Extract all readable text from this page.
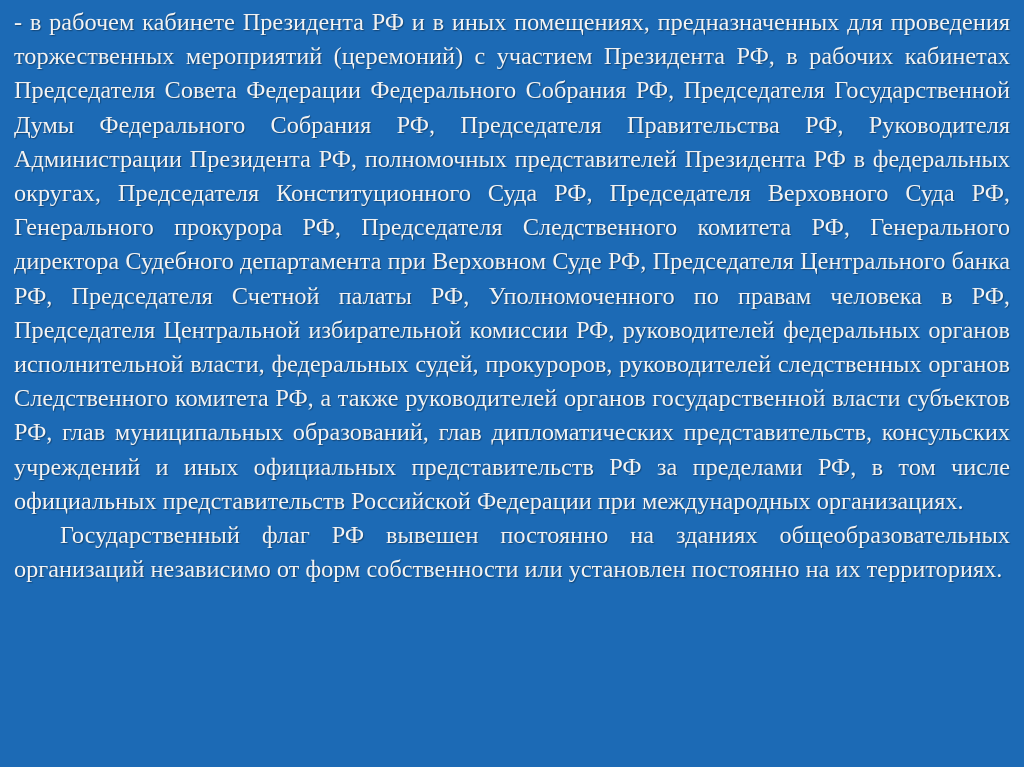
- в рабочем кабинете Президента РФ и в иных помещениях, предназначенных для проведения торжественных мероприятий (церемоний) с участием Президента РФ, в рабочих кабинетах Председателя Совета Федерации Федерального Собрания РФ, Председателя Государственной Думы Федерального Собрания РФ, Председателя Правительства РФ, Руководителя Администрации Президента РФ, полномочных представителей Президента РФ в федеральных округах, Председателя Конституционного Суда РФ, Председателя Верховного Суда РФ, Генерального прокурора РФ, Председателя Следственного комитета РФ, Генерального директора Судебного департамента при Верховном Суде РФ, Председателя Центрального банка РФ, Председателя Счетной палаты РФ, Уполномоченного по правам человека в РФ, Председателя Центральной избирательной комиссии РФ, руководителей федеральных органов исполнительной власти, федеральных судей, прокуроров, руководителей следственных органов Следственного комитета РФ, а также руководителей органов государственной власти субъектов РФ, глав муниципальных образований, глав дипломатических представительств, консульских учреждений и иных официальных представительств РФ за пределами РФ, в том числе официальных представительств Российской Федерации при международных организациях.

Государственный флаг РФ вывешен постоянно на зданиях общеобразовательных организаций независимо от форм собственности или установлен постоянно на их территориях.
